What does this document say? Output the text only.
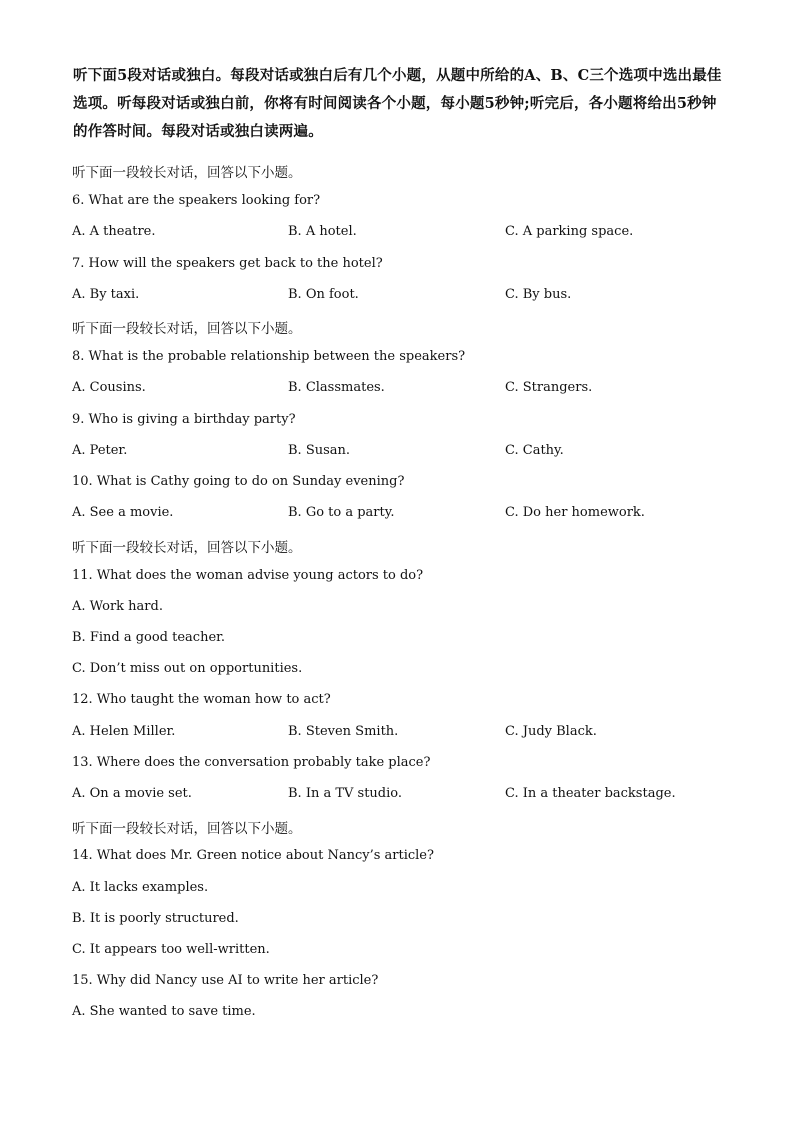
听下面5段对话或独白。每段对话或独白后有几个小题，从题中所给的A、B、C三个选项中选出最佳选项。听每段对话或独白前，你将有时间阅读各个小题，每小题5秒钟;听完后，各小题将给出5秒钟的作答时间。每段对话或独白读两遍。
听下面一段较长对话，回答以下小题。
6. What are the speakers looking for?
A. A theatre.	B. A hotel.	C. A parking space.
7. How will the speakers get back to the hotel?
A. By taxi.	B. On foot.	C. By bus.
听下面一段较长对话，回答以下小题。
8. What is the probable relationship between the speakers?
A. Cousins.	B. Classmates.	C. Strangers.
9. Who is giving a birthday party?
A. Peter.	B. Susan.	C. Cathy.
10. What is Cathy going to do on Sunday evening?
A. See a movie.	B. Go to a party.	C. Do her homework.
听下面一段较长对话，回答以下小题。
11. What does the woman advise young actors to do?
A. Work hard.
B. Find a good teacher.
C. Don’t miss out on opportunities.
12. Who taught the woman how to act?
A. Helen Miller.	B. Steven Smith.	C. Judy Black.
13. Where does the conversation probably take place?
A. On a movie set.	B. In a TV studio.	C. In a theater backstage.
听下面一段较长对话，回答以下小题。
14. What does Mr. Green notice about Nancy’s article?
A. It lacks examples.
B. It is poorly structured.
C. It appears too well-written.
15. Why did Nancy use AI to write her article?
A. She wanted to save time.
